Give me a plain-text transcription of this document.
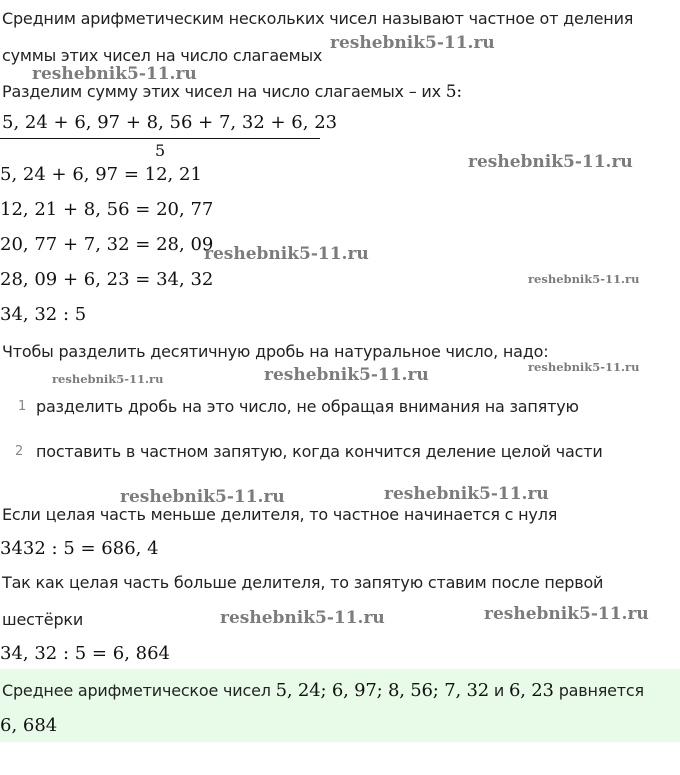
Средним арифметическим нескольких чисел называют частное от деления
суммы этих чисел на число слагаемых
Разделим сумму этих чисел на число слагаемых – их 5:
5, 24 + 6, 97 + 8, 56 + 7, 32 + 6, 23
5
5, 24 + 6, 97 = 12, 21
12, 21 + 8, 56 = 20, 77
20, 77 + 7, 32 = 28, 09
28, 09 + 6, 23 = 34, 32
34, 32 : 5
Чтобы разделить десятичную дробь на натуральное число, надо:
1 разделить дробь на это число, не обращая внимания на запятую
2 поставить в частном запятую, когда кончится деление целой части
Если целая часть меньше делителя, то частное начинается с нуля
3432 : 5 = 686, 4
Так как целая часть больше делителя, то запятую ставим после первой
шестёрки
34, 32 : 5 = 6, 864
Среднее арифметическое чисел 5, 24; 6, 97; 8, 56; 7, 32 и 6, 23 равняется
6, 684
reshebnik5-11.ru
reshebnik5-11.ru
reshebnik5-11.ru
reshebnik5-11.ru
reshebnik5-11.ru
reshebnik5-11.ru	reshebnik5-11.ru	reshebnik5-11.ru
reshebnik5-11.ru	reshebnik5-11.ru
reshebnik5-11.ru	reshebnik5-11.ru
